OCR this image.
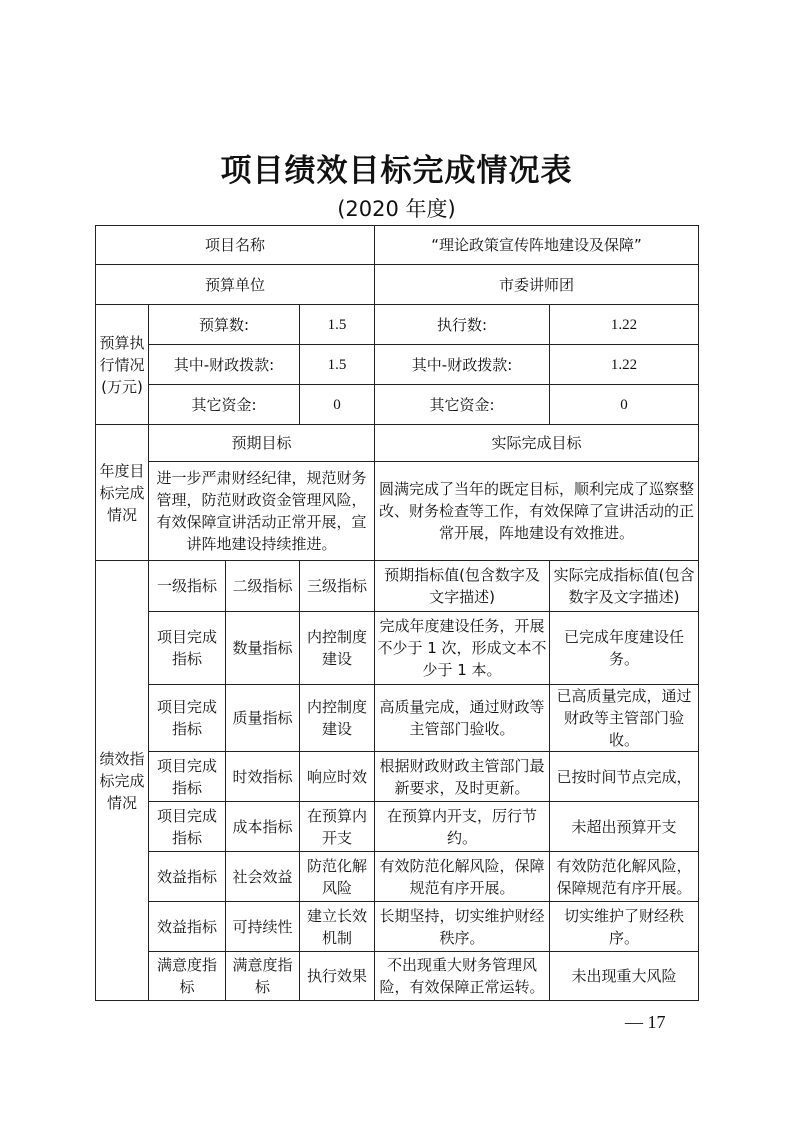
项目绩效目标完成情况表
(2020 年度)
项目名称				“理论政策宣传阵地建设及保障”	
预算单位				市委讲师团	
预算执行情况(万元)	预算数:		1.5	执行数:	1.22
	其中-财政拨款:		1.5	其中-财政拨款:	1.22
	其它资金:		0	其它资金:	0
年度目标完成情况	预期目标			实际完成目标	
	进一步严肃财经纪律，规范财务管理，防范财政资金管理风险，有效保障宣讲活动正常开展，宣讲阵地建设持续推进。			圆满完成了当年的既定目标，顺利完成了巡察整改、财务检查等工作，有效保障了宣讲活动的正常开展，阵地建设有效推进。	
绩效指标完成情况	一级指标	二级指标	三级指标	预期指标值(包含数字及文字描述)	实际完成指标值(包含数字及文字描述)
	项目完成指标	数量指标	内控制度建设	完成年度建设任务，开展不少于 1 次，形成文本不少于 1 本。	已完成年度建设任务。
	项目完成指标	质量指标	内控制度建设	高质量完成，通过财政等主管部门验收。	已高质量完成，通过财政等主管部门验收。
	项目完成指标	时效指标	响应时效	根据财政财政主管部门最新要求，及时更新。	已按时间节点完成，
	项目完成指标	成本指标	在预算内开支	在预算内开支，厉行节约。	未超出预算开支
	效益指标	社会效益	防范化解风险	有效防范化解风险，保障规范有序开展。	有效防范化解风险，保障规范有序开展。
	效益指标	可持续性	建立长效机制	长期坚持，切实维护财经秩序。	切实维护了财经秩序。
	满意度指标	满意度指标	执行效果	不出现重大财务管理风险，有效保障正常运转。	未出现重大风险
— 17
